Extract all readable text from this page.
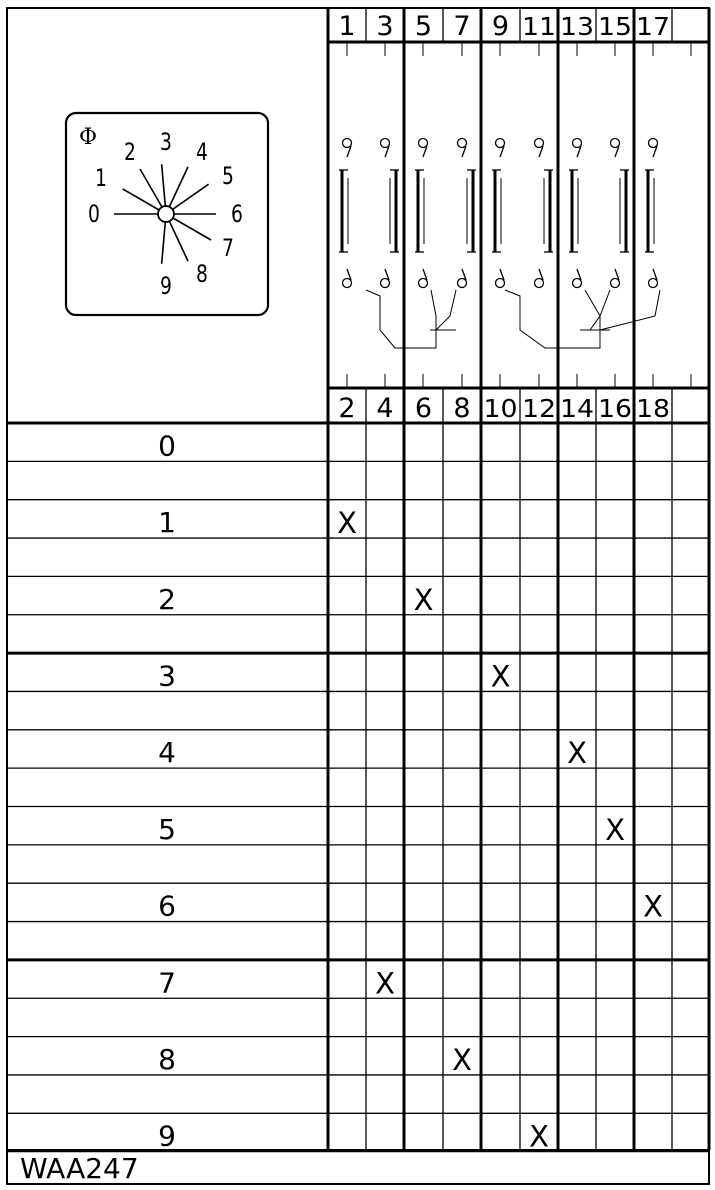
Φ
0
1
2 3 4
5
6
7
8
9
1 3 5 7 9 11 13 15 17
2 4 6 8 10 12 14 16 18
0
1
2
3
4
5
6
7
8
9
X
X
X
X
X
X
X
X
X
WAA247
